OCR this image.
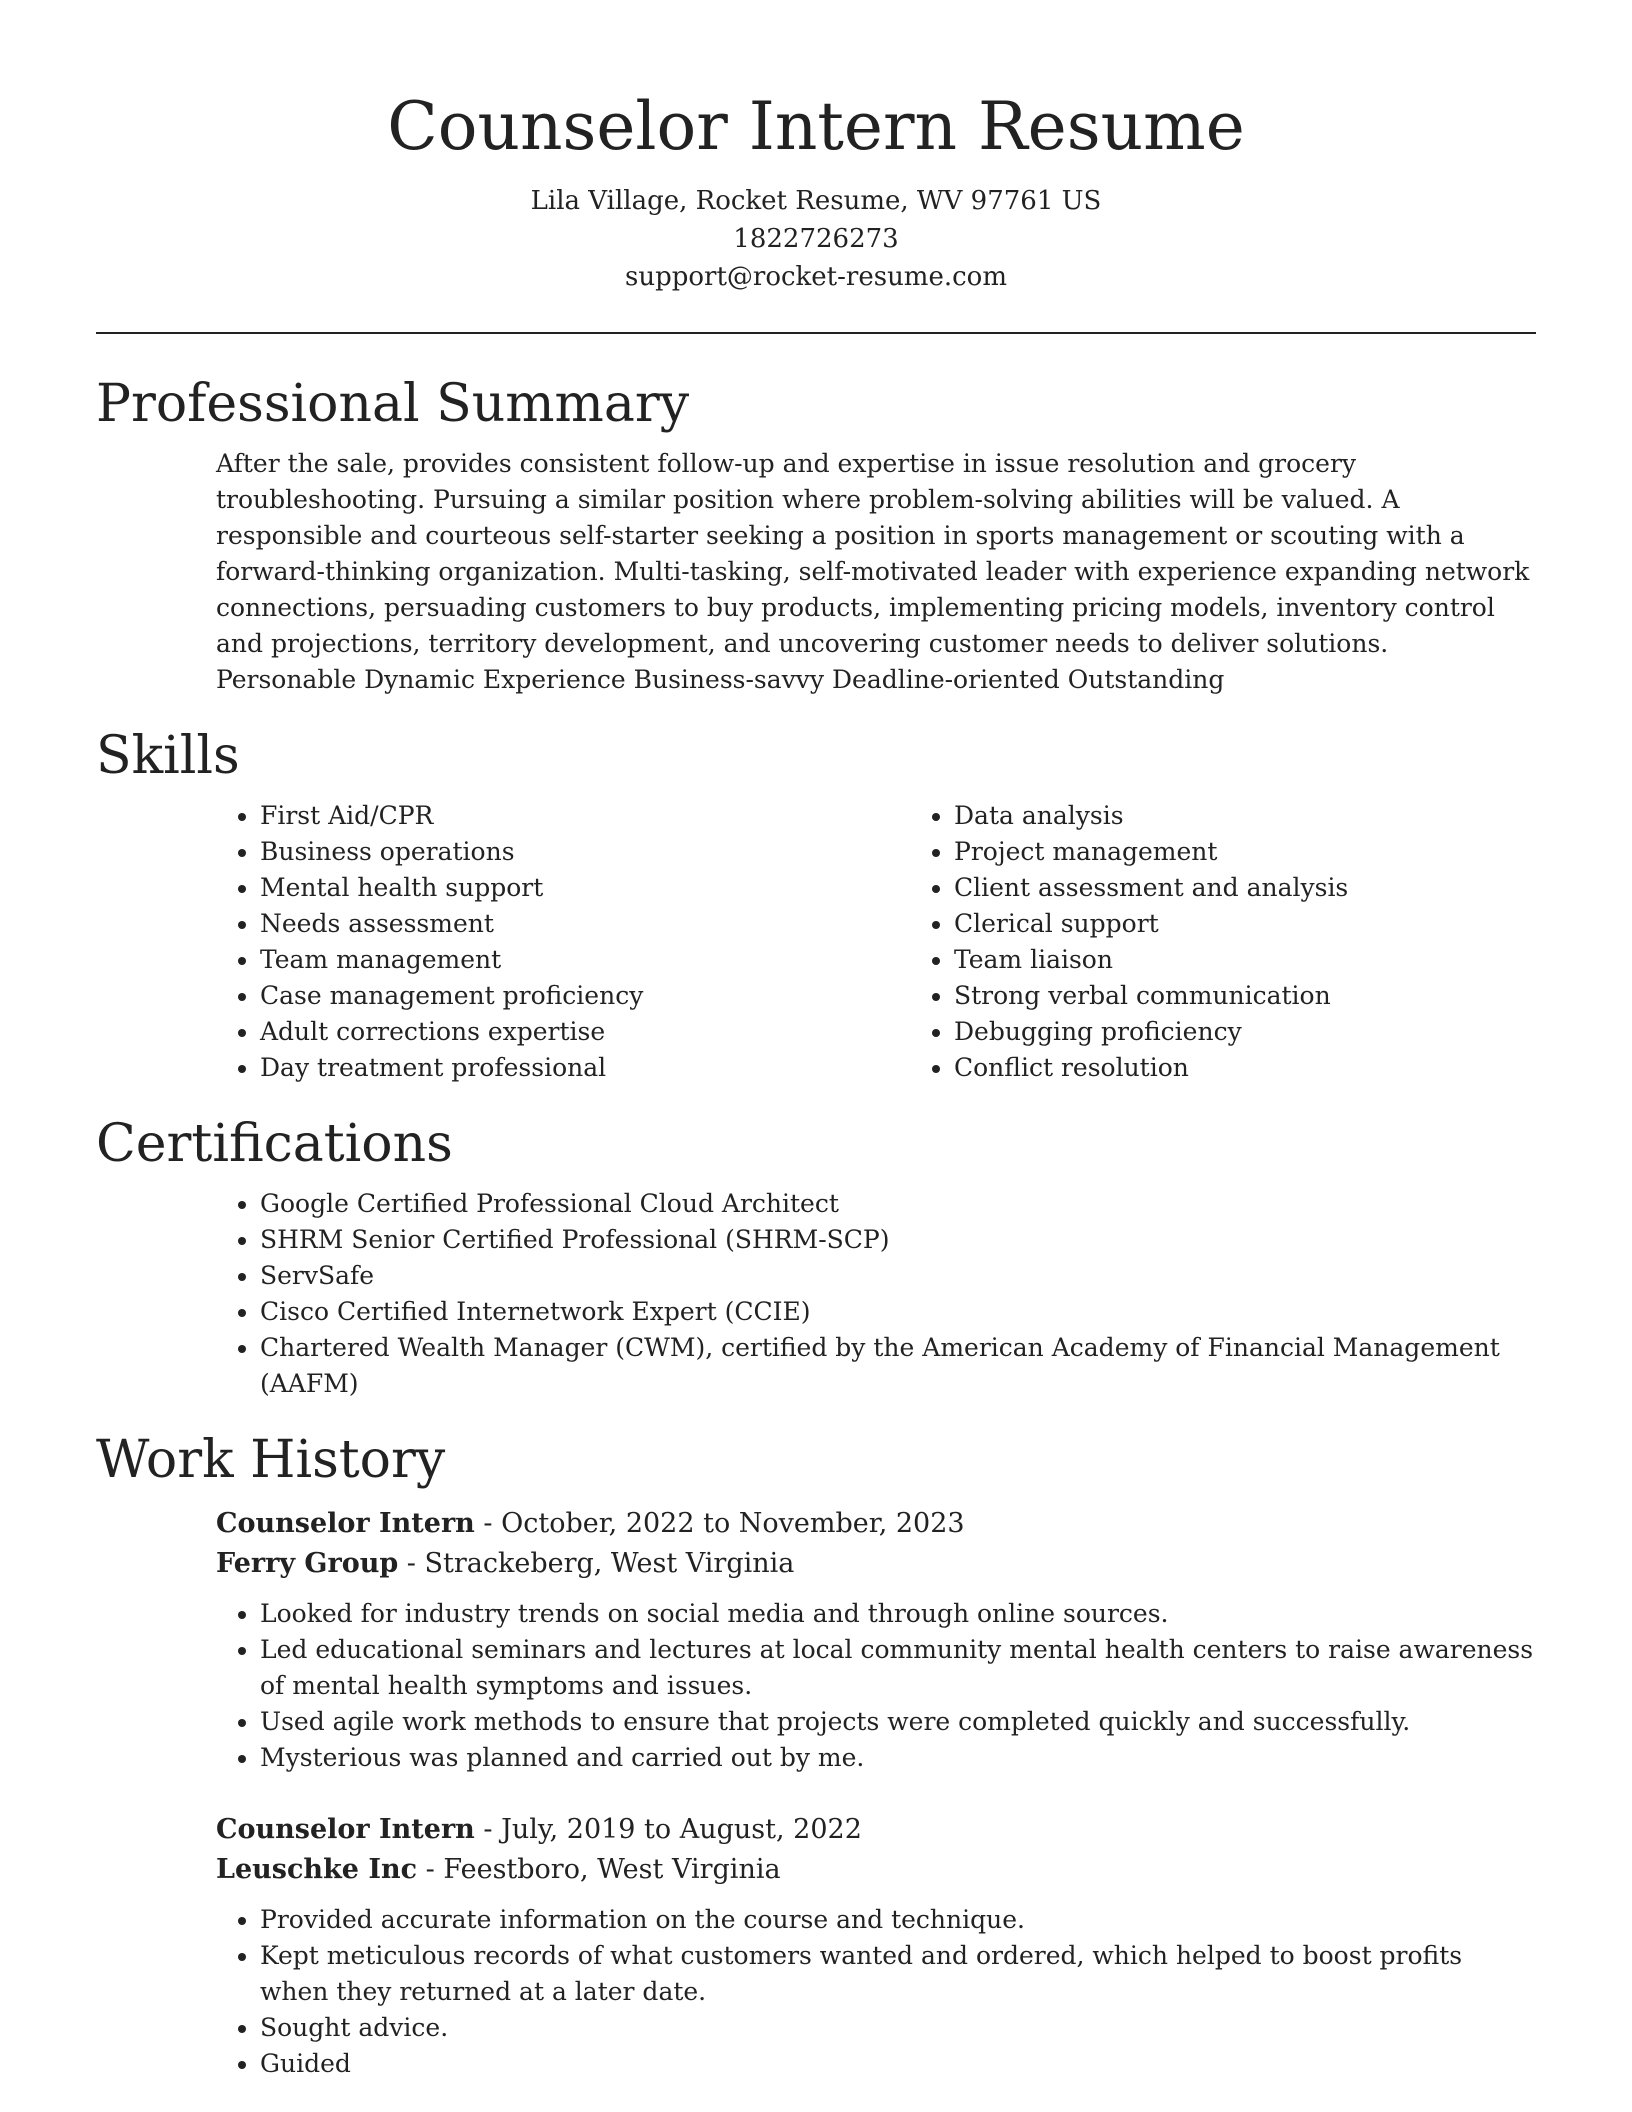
Counselor Intern Resume
Lila Village, Rocket Resume, WV 97761 US
1822726273
support@rocket-resume.com
Professional Summary

After the sale, provides consistent follow-up and expertise in issue resolution and grocery troubleshooting. Pursuing a similar position where problem-solving abilities will be valued. A responsible and courteous self-starter seeking a position in sports management or scouting with a forward-thinking organization. Multi-tasking, self-motivated leader with experience expanding network connections, persuading customers to buy products, implementing pricing models, inventory control and projections, territory development, and uncovering customer needs to deliver solutions. Personable Dynamic Experience Business-savvy Deadline-oriented Outstanding

Skills
• First Aid/CPR
• Business operations
• Mental health support
• Needs assessment
• Team management
• Case management proficiency
• Adult corrections expertise
• Day treatment professional
• Data analysis
• Project management
• Client assessment and analysis
• Clerical support
• Team liaison
• Strong verbal communication
• Debugging proficiency
• Conflict resolution
Certifications
• Google Certified Professional Cloud Architect
• SHRM Senior Certified Professional (SHRM-SCP)
• ServSafe
• Cisco Certified Internetwork Expert (CCIE)
• Chartered Wealth Manager (CWM), certified by the American Academy of Financial Management (AAFM)
Work History
Counselor Intern - October, 2022 to November, 2023
Ferry Group - Strackeberg, West Virginia
• Looked for industry trends on social media and through online sources.
• Led educational seminars and lectures at local community mental health centers to raise awareness of mental health symptoms and issues.
• Used agile work methods to ensure that projects were completed quickly and successfully.
• Mysterious was planned and carried out by me.
Counselor Intern - July, 2019 to August, 2022
Leuschke Inc - Feestboro, West Virginia
• Provided accurate information on the course and technique.
• Kept meticulous records of what customers wanted and ordered, which helped to boost profits when they returned at a later date.
• Sought advice.
• Guided
